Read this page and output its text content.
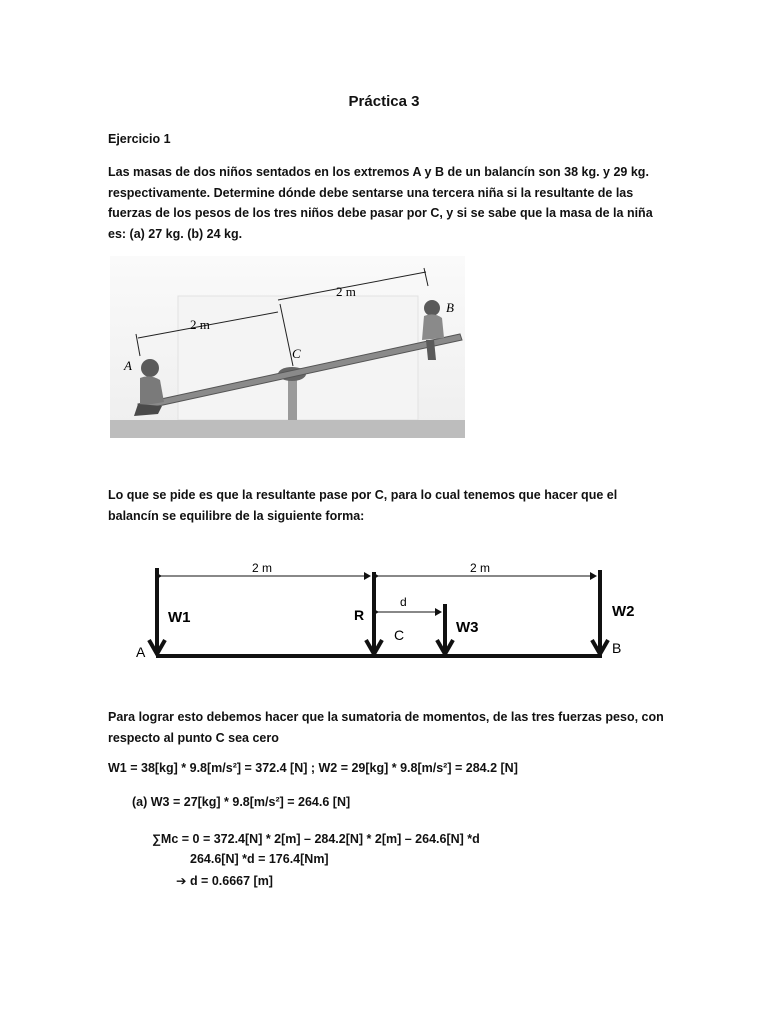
Práctica 3
Ejercicio 1
Las masas de dos niños sentados en los extremos A y B de un balancín son 38 kg. y 29 kg. respectivamente. Determine dónde debe sentarse una tercera niña si la resultante de las fuerzas de los pesos de los tres niños debe pasar por C, y si se sabe que la masa de la niña es: (a) 27 kg. (b) 24 kg.
2 m
2 m
A
B
C
Lo que se pide es que la resultante pase por C, para lo cual tenemos que hacer que el balancín se equilibre de la siguiente forma:
2 m	2 m
d
W1	R
W3
W2
A	B
C
Para lograr esto debemos hacer que la sumatoria de momentos, de las tres fuerzas peso, con respecto al punto C sea cero
W1 = 38[kg] * 9.8[m/s²] = 372.4 [N] ; W2 = 29[kg] * 9.8[m/s²] = 284.2 [N]
(a) W3 = 27[kg] * 9.8[m/s²] = 264.6 [N]
∑Mc = 0 = 372.4[N] * 2[m] – 284.2[N] * 2[m] – 264.6[N] *d
264.6[N] *d = 176.4[Nm]
➔ d = 0.6667 [m]
